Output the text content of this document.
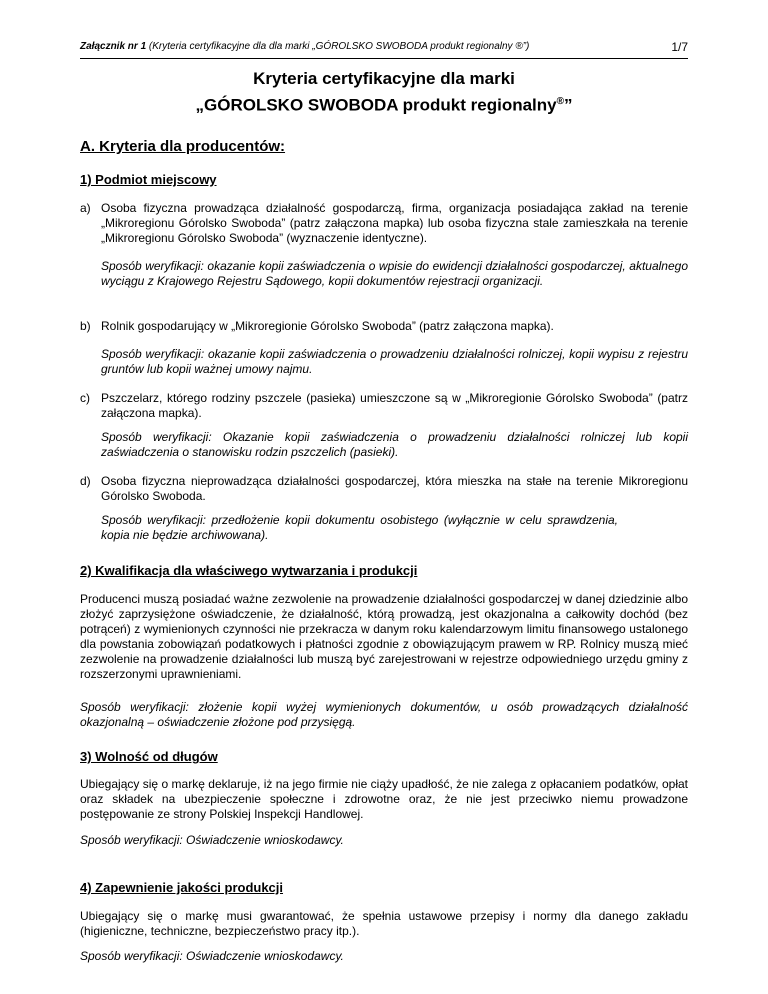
Załącznik nr 1 (Kryteria certyfikacyjne dla dla marki „GÓROLSKO SWOBODA produkt regionalny ®”)	1/7
Kryteria certyfikacyjne dla marki
„GÓROLSKO SWOBODA produkt regionalny®”
A. Kryteria dla producentów:
1) Podmiot miejscowy
a) Osoba fizyczna prowadząca działalność gospodarczą, firma, organizacja posiadająca zakład na terenie „Mikroregionu Górolsko Swoboda” (patrz załączona mapka) lub osoba fizyczna stale zamieszkała na terenie „Mikroregionu Górolsko Swoboda” (wyznaczenie identyczne).
Sposób weryfikacji: okazanie kopii zaświadczenia o wpisie do ewidencji działalności gospodarczej, aktualnego wyciągu z Krajowego Rejestru Sądowego, kopii dokumentów rejestracji organizacji.
b) Rolnik gospodarujący w „Mikroregionie Górolsko Swoboda” (patrz załączona mapka).
Sposób weryfikacji: okazanie kopii zaświadczenia o prowadzeniu działalności rolniczej, kopii wypisu z rejestru gruntów lub kopii ważnej umowy najmu.
c) Pszczelarz, którego rodziny pszczele (pasieka) umieszczone są w „Mikroregionie Górolsko Swoboda” (patrz załączona mapka).
Sposób weryfikacji: Okazanie kopii zaświadczenia o prowadzeniu działalności rolniczej lub kopii zaświadczenia o stanowisku rodzin pszczelich (pasieki).
d) Osoba fizyczna nieprowadząca działalności gospodarczej, która mieszka na stałe na terenie Mikroregionu Górolsko Swoboda.
Sposób weryfikacji: przedłożenie kopii dokumentu osobistego (wyłącznie w celu sprawdzenia, kopia nie będzie archiwowana).
2) Kwalifikacja dla właściwego wytwarzania i produkcji
Producenci muszą posiadać ważne zezwolenie na prowadzenie działalności gospodarczej w danej dziedzinie albo złożyć zaprzysiężone oświadczenie, że działalność, którą prowadzą, jest okazjonalna a całkowity dochód (bez potrąceń) z wymienionych czynności nie przekracza w danym roku kalendarzowym limitu finansowego ustalonego dla powstania zobowiązań podatkowych i płatności zgodnie z obowiązującym prawem w RP. Rolnicy muszą mieć zezwolenie na prowadzenie działalności lub muszą być zarejestrowani w rejestrze odpowiedniego urzędu gminy z rozszerzonymi uprawnieniami.
Sposób weryfikacji: złożenie kopii wyżej wymienionych dokumentów, u osób prowadzących działalność okazjonalną – oświadczenie złożone pod przysięgą.
3) Wolność od długów
Ubiegający się o markę deklaruje, iż na jego firmie nie ciąży upadłość, że nie zalega z opłacaniem podatków, opłat oraz składek na ubezpieczenie społeczne i zdrowotne oraz, że nie jest przeciwko niemu prowadzone postępowanie ze strony Polskiej Inspekcji Handlowej.
Sposób weryfikacji: Oświadczenie wnioskodawcy.
4) Zapewnienie jakości produkcji
Ubiegający się o markę musi gwarantować, że spełnia ustawowe przepisy i normy dla danego zakładu (higieniczne, techniczne, bezpieczeństwo pracy itp.).
Sposób weryfikacji: Oświadczenie wnioskodawcy.
